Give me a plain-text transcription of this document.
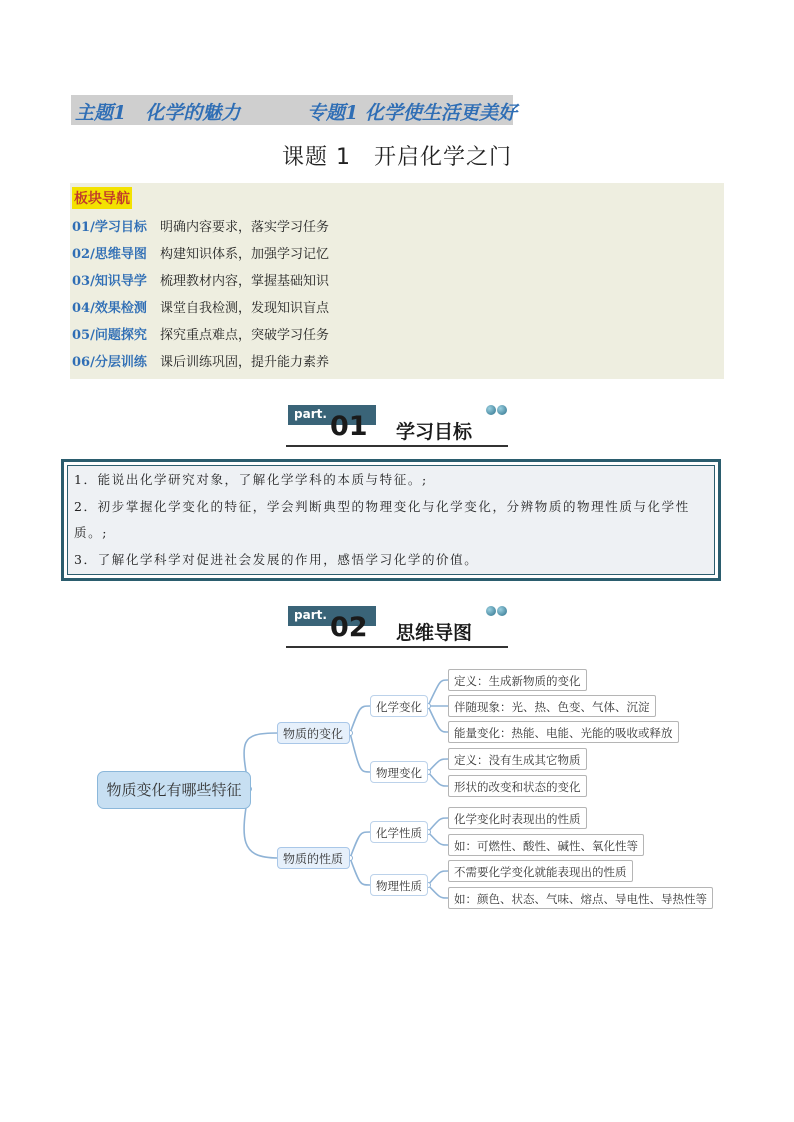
主题1　化学的魅力	专题1 化学使生活更美好
课题 1　开启化学之门
板块导航
01/学习目标 明确内容要求，落实学习任务
02/思维导图 构建知识体系，加强学习记忆
03/知识导学 梳理教材内容，掌握基础知识
04/效果检测 课堂自我检测，发现知识盲点
05/问题探究 探究重点难点，突破学习任务
06/分层训练 课后训练巩固，提升能力素养
part. 01 学习目标
1．能说出化学研究对象，了解化学学科的本质与特征。;
2．初步掌握化学变化的特征，学会判断典型的物理变化与化学变化，分辨物质的物理性质与化学性
质。;
3．了解化学科学对促进社会发展的作用，感悟学习化学的价值。
part. 02 思维导图
物质变化有哪些特征
物质的变化
物质的性质
化学变化
物理变化
化学性质
物理性质
定义：生成新物质的变化
伴随现象：光、热、色变、气体、沉淀
能量变化：热能、电能、光能的吸收或释放
定义：没有生成其它物质
形状的改变和状态的变化
化学变化时表现出的性质
如：可燃性、酸性、碱性、氧化性等
不需要化学变化就能表现出的性质
如：颜色、状态、气味、熔点、导电性、导热性等
